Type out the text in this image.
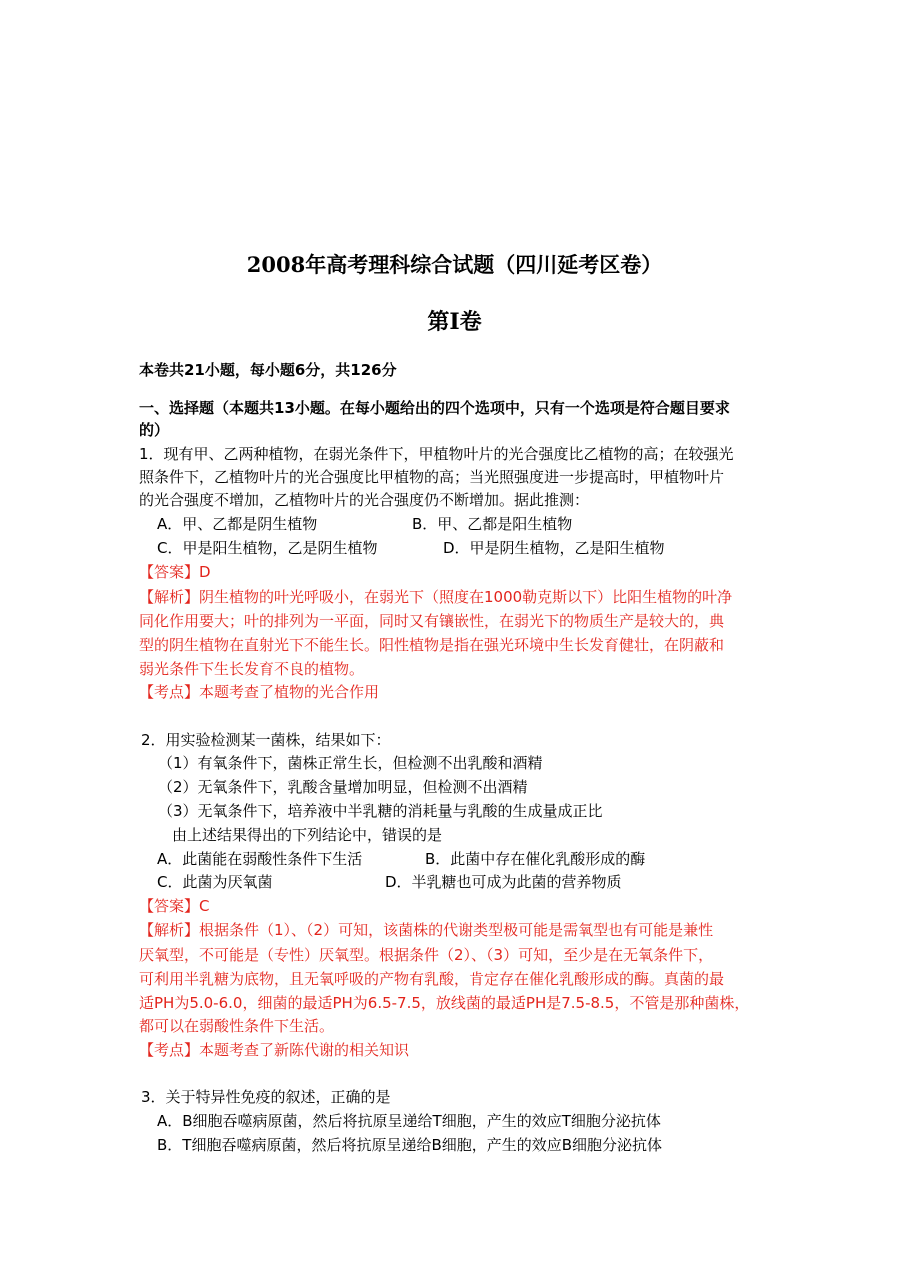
2008年高考理科综合试题（四川延考区卷）
第I卷
本卷共21小题，每小题6分，共126分
一、选择题（本题共13小题。在每小题给出的四个选项中，只有一个选项是符合题目要求
的）
1．现有甲、乙两种植物，在弱光条件下，甲植物叶片的光合强度比乙植物的高；在较强光
照条件下，乙植物叶片的光合强度比甲植物的高；当光照强度进一步提高时，甲植物叶片
的光合强度不增加，乙植物叶片的光合强度仍不断增加。据此推测：
A．甲、乙都是阴生植物	B．甲、乙都是阳生植物
C．甲是阳生植物，乙是阴生植物	D．甲是阴生植物，乙是阳生植物
【答案】D
【解析】阴生植物的叶光呼吸小，在弱光下（照度在1000勒克斯以下）比阳生植物的叶净
同化作用要大；叶的排列为一平面，同时又有镶嵌性，在弱光下的物质生产是较大的，典
型的阴生植物在直射光下不能生长。阳性植物是指在强光环境中生长发育健壮，在阴蔽和
弱光条件下生长发育不良的植物。
【考点】本题考查了植物的光合作用
2．用实验检测某一菌株，结果如下：
（1）有氧条件下，菌株正常生长，但检测不出乳酸和酒精
（2）无氧条件下，乳酸含量增加明显，但检测不出酒精
（3）无氧条件下，培养液中半乳糖的消耗量与乳酸的生成量成正比
由上述结果得出的下列结论中，错误的是
A．此菌能在弱酸性条件下生活	B．此菌中存在催化乳酸形成的酶
C．此菌为厌氧菌	D．半乳糖也可成为此菌的营养物质
【答案】C
【解析】根据条件（1）、（2）可知，该菌株的代谢类型极可能是需氧型也有可能是兼性
厌氧型，不可能是（专性）厌氧型。根据条件（2）、（3）可知，至少是在无氧条件下，
可利用半乳糖为底物，且无氧呼吸的产物有乳酸，肯定存在催化乳酸形成的酶。真菌的最
适PH为5.0-6.0，细菌的最适PH为6.5-7.5，放线菌的最适PH是7.5-8.5，不管是那种菌株，
都可以在弱酸性条件下生活。
【考点】本题考查了新陈代谢的相关知识
3．关于特异性免疫的叙述，正确的是
A．B细胞吞噬病原菌，然后将抗原呈递给T细胞，产生的效应T细胞分泌抗体
B．T细胞吞噬病原菌，然后将抗原呈递给B细胞，产生的效应B细胞分泌抗体
